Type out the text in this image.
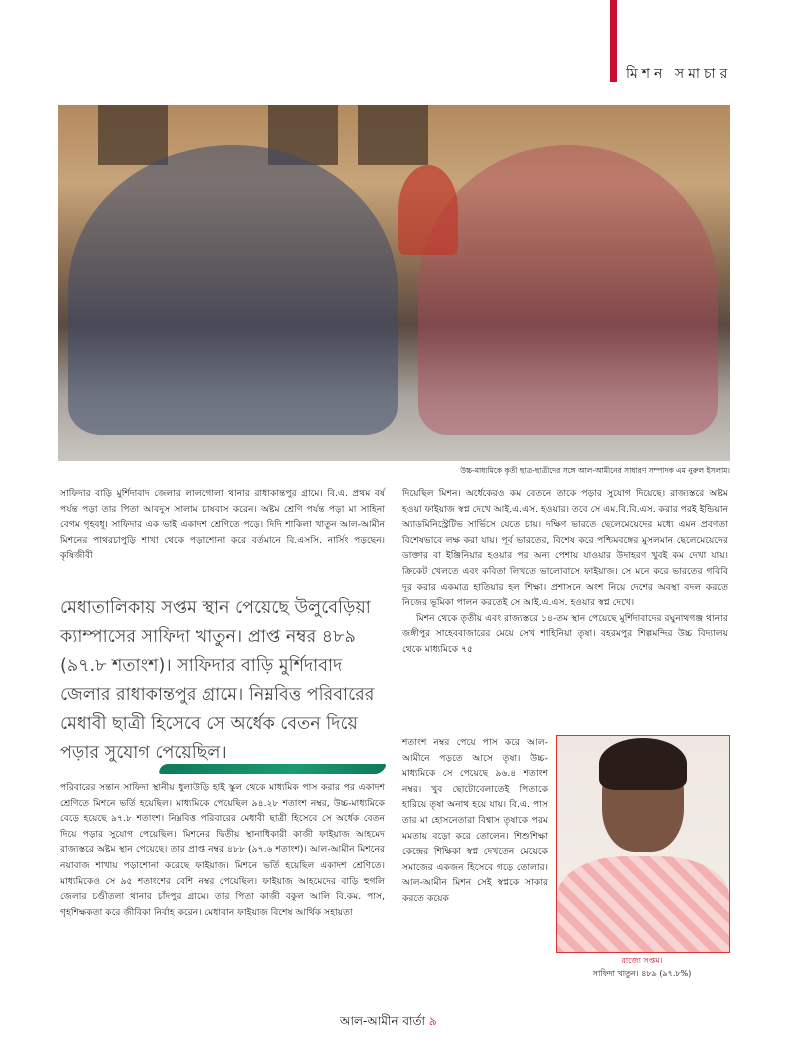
মিশন সমাচার
উচ্চ-মাধ্যমিকে কৃতী ছাত্র-ছাত্রীদের সঙ্গে আল-আমীনের সাধারণ সম্পাদক এম নুরুল ইসলাম।

সাফিদার বাড়ি মুর্শিদাবাদ জেলার লালগোলা থানার রাধাকান্তপুর গ্রামে। বি.এ. প্রথম বর্ষ পর্যন্ত পড়া তার পিতা আবদুস সালাম চাষবাস করেন। অষ্টম শ্রেণি পর্যন্ত পড়া মা সাহিনা বেগম গৃহবধূ। সাফিদার এক ভাই একাদশ শ্রেণিতে পড়ে। দিদি শাকিলা খাতুন আল-আমীন মিশনের পাথরচাপুড়ি শাখা থেকে পড়াশোনা করে বর্তমানে বি.এসসি. নার্সিং পড়ছেন। কৃষিজীবী

মেধাতালিকায় সপ্তম স্থান পেয়েছে উলুবেড়িয়া ক্যাম্পাসের সাফিদা খাতুন। প্রাপ্ত নম্বর ৪৮৯ (৯৭.৮ শতাংশ)। সাফিদার বাড়ি মুর্শিদাবাদ জেলার রাধাকান্তপুর গ্রামে। নিম্নবিত্ত পরিবারের মেধাবী ছাত্রী হিসেবে সে অর্ধেক বেতন দিয়ে পড়ার সুযোগ পেয়েছিল।

পরিবারের সন্তান সাফিদা স্থানীয় ধুলাউড়ি হাই স্কুল থেকে মাধ্যমিক পাস করার পর একাদশ শ্রেণিতে মিশনে ভর্তি হয়েছিল। মাধ্যমিকে পেয়েছিল ৯৪.২৮ শতাংশ নম্বর, উচ্চ-মাধ্যমিকে বেড়ে হয়েছে ৯৭.৮ শতাংশ। নিম্নবিত্ত পরিবারের মেধাবী ছাত্রী হিসেবে সে অর্ধেক বেতন দিয়ে পড়ার সুযোগ পেয়েছিল। মিশনের দ্বিতীয় স্থানাধিকারী কাজী ফাইয়াজ আহমেদ রাজ্যস্তরে অষ্টম স্থান পেয়েছে। তার প্রাপ্ত নম্বর ৪৮৮ (৯৭.৬ শতাংশ)। আল-আমীন মিশনের নয়াবাজ শাখায় পড়াশোনা করেছে ফাইয়াজ। মিশনে ভর্তি হয়েছিল একাদশ শ্রেণিতে। মাধ্যমিকেও সে ৯৫ শতাংশের বেশি নম্বর পেয়েছিল। ফাইয়াজ আহমেদের বাড়ি হুগলি জেলার চণ্ডীতলা থানার চাঁদপুর গ্রামে। তার পিতা কাজী বকুল আলি বি.কম. পাস, গৃহশিক্ষকতা করে জীবিকা নির্বাহ করেন। মেধাবান ফাইয়াজ বিশেষ আর্থিক সহায়তা

দিয়েছিল মিশন। অর্ধেকেরও কম বেতনে তাকে পড়ার সুযোগ দিয়েছে। রাজ্যস্তরে অষ্টম হওয়া ফাইয়াজ স্বপ্ন দেখে আই.এ.এস. হওয়ার। তবে সে এম.বি.বি.এস. করার পরই ইন্ডিয়ান অ্যাডমিনিস্ট্রেটিভ সার্ভিসে যেতে চায়। দক্ষিণ ভারতে ছেলেমেয়েদের মধ্যে এমন প্রবণতা বিশেষভাবে লক্ষ করা যায়। পূর্ব ভারতের, বিশেষ করে পশ্চিমবঙ্গের মুসলমান ছেলেমেয়েদের ডাক্তার বা ইঞ্জিনিয়ার হওয়ার পর অন্য পেশায় যাওয়ার উদাহরণ খুবই কম দেখা যায়। ক্রিকেট খেলতে এবং কবিতা লিখতে ভালোবাসে ফাইয়াজ। সে মনে করে ভারতের গবিবি দূর করার একমাত্র হাতিয়ার হল শিক্ষা। প্রশাসনে অংশ নিয়ে দেশের অবস্থা বদল করতে নিজের ভূমিকা পালন করতেই সে আই.এ.এস. হওয়ার স্বপ্ন দেখে।

মিশন থেকে তৃতীয় এবং রাজ্যস্তরে ১৪-তম স্থান পেয়েছে মুর্শিদাবাদের রঘুনাথগঞ্জ থানার জঙ্গীপুর সাহেববাজারের মেয়ে সেখ শাহিনিয়া তৃষা। বহরমপুর শিল্পমন্দির উচ্চ বিদ্যালয় থেকে মাধ্যমিকে ৭৫

শতাংশ নম্বর পেয়ে পাস করে আল-আমীনে পড়তে আসে তৃষা। উচ্চ-মাধ্যমিকে সে পেয়েছে ৯৬.৪ শতাংশ নম্বর। খুব ছোটোবেলাতেই পিতাকে হারিয়ে তৃষা অনাথ হয়ে যায়। বি.এ. পাস তার মা হোসনেতারা বিশ্বাস তৃষাকে পরম মমতায় বড়ো করে তোলেন। শিশুশিক্ষা কেন্দ্রের শিক্ষিকা স্বপ্ন দেখতেন মেয়েকে সমাজের একজন হিসেবে গড়ে তোলার। আল-আমীন মিশন সেই স্বপ্নকে সাকার করতে কয়েক

রাজ্যে সপ্তম।
সাফিদা খাতুন। ৪৮৯ (৯৭.৮%)
আল-আমীন বার্তা ৯
